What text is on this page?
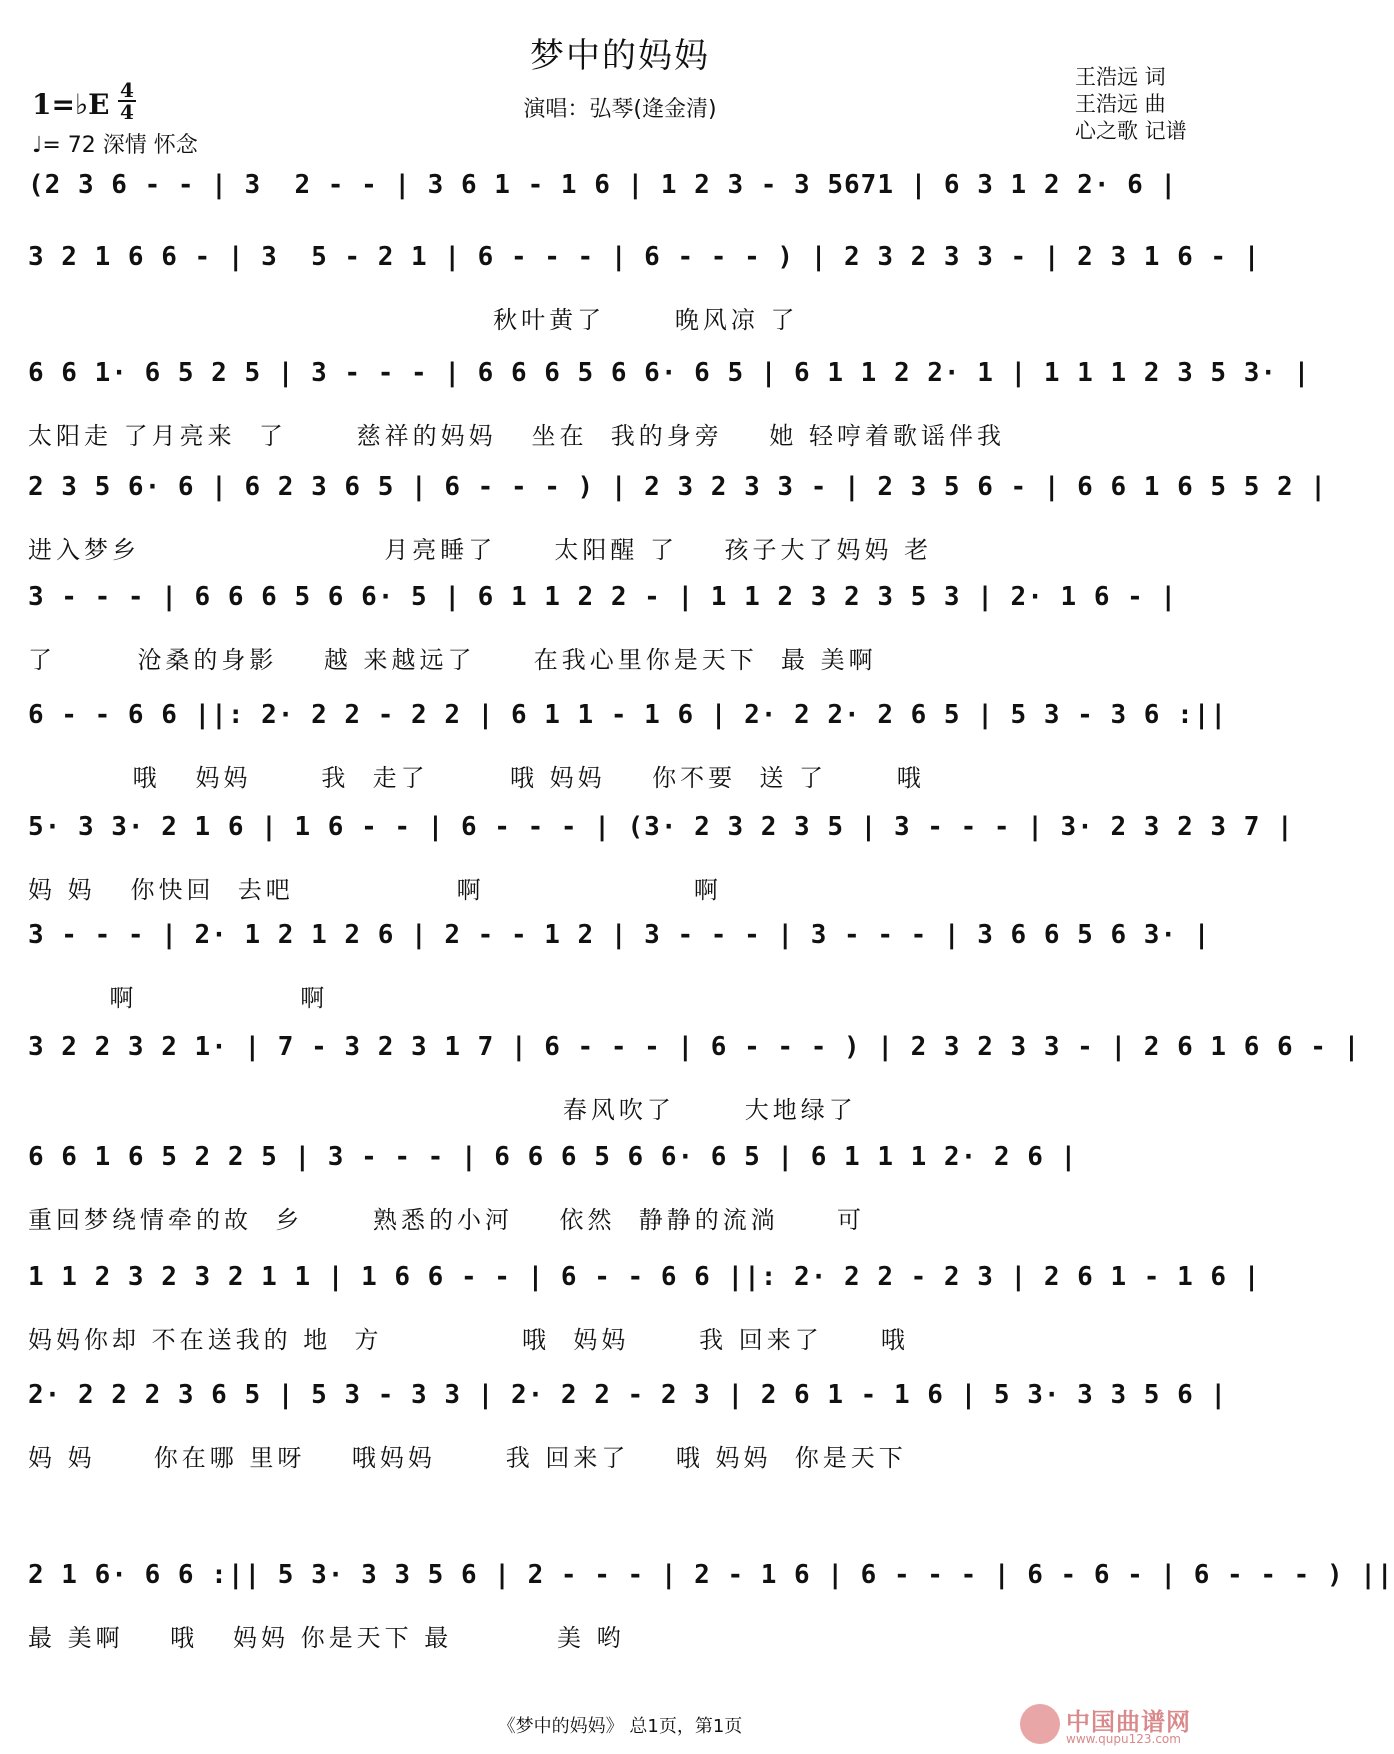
梦中的妈妈
演唱：弘琴(逄金清)
王浩远 词
王浩远 曲
心之歌 记谱
1=♭E 4
4
♩= 72 深情 怀念
(2 3 6 - - | 3  2 - - | 3 6 1 - 1 6 | 1 2 3 - 3 5671 | 6 3 1 2 2· 6 |
3 2 1 6 6 - | 3  5 - 2 1 | 6 - - - | 6 - - - ) | 2 3 2 3 3 - | 2 3 1 6 - |
秋叶黄了      晚风凉 了
6 6 1· 6 5 2 5 | 3 - - - | 6 6 6 5 6 6· 6 5 | 6 1 1 2 2· 1 | 1 1 1 2 3 5 3· |
太阳走 了月亮来  了      慈祥的妈妈   坐在  我的身旁    她 轻哼着歌谣伴我
2 3 5 6· 6 | 6 2 3 6 5 | 6 - - - ) | 2 3 2 3 3 - | 2 3 5 6 - | 6 6 1 6 5 5 2 |
进入梦乡                     月亮睡了     太阳醒 了    孩子大了妈妈 老
3 - - - | 6 6 6 5 6 6· 5 | 6 1 1 2 2 - | 1 1 2 3 2 3 5 3 | 2· 1 6 - |
了       沧桑的身影    越 来越远了     在我心里你是天下  最 美啊
6 - - 6 6 ||: 2· 2 2 - 2 2 | 6 1 1 - 1 6 | 2· 2 2· 2 6 5 | 5 3 - 3 6 :||
哦   妈妈      我  走了       哦 妈妈    你不要  送 了      哦
5· 3 3· 2 1 6 | 1 6 - - | 6 - - - | (3· 2 3 2 3 5 | 3 - - - | 3· 2 3 2 3 7 |
妈 妈   你快回  去吧              啊                  啊
3 - - - | 2· 1 2 1 2 6 | 2 - - 1 2 | 3 - - - | 3 - - - | 3 6 6 5 6 3· |
啊              啊
3 2 2 3 2 1· | 7 - 3 2 3 1 7 | 6 - - - | 6 - - - ) | 2 3 2 3 3 - | 2 6 1 6 6 - |
春风吹了      大地绿了
6 6 1 6 5 2 2 5 | 3 - - - | 6 6 6 5 6 6· 6 5 | 6 1 1 1 2· 2 6 |
重回梦绕情牵的故  乡      熟悉的小河    依然  静静的流淌     可
1 1 2 3 2 3 2 1 1 | 1 6 6 - - | 6 - - 6 6 ||: 2· 2 2 - 2 3 | 2 6 1 - 1 6 |
妈妈你却 不在送我的 地  方            哦  妈妈      我 回来了     哦
2· 2 2 2 3 6 5 | 5 3 - 3 3 | 2· 2 2 - 2 3 | 2 6 1 - 1 6 | 5 3· 3 3 5 6 |
妈 妈     你在哪 里呀    哦妈妈      我 回来了    哦 妈妈  你是天下
2 1 6· 6 6 :|| 5 3· 3 3 5 6 | 2 - - - | 2 - 1 6 | 6 - - - | 6 - 6 - | 6 - - - ) ||
最 美啊    哦   妈妈 你是天下 最         美 哟
《梦中的妈妈》 总1页，第1页	中国曲谱网
www.qupu123.com
